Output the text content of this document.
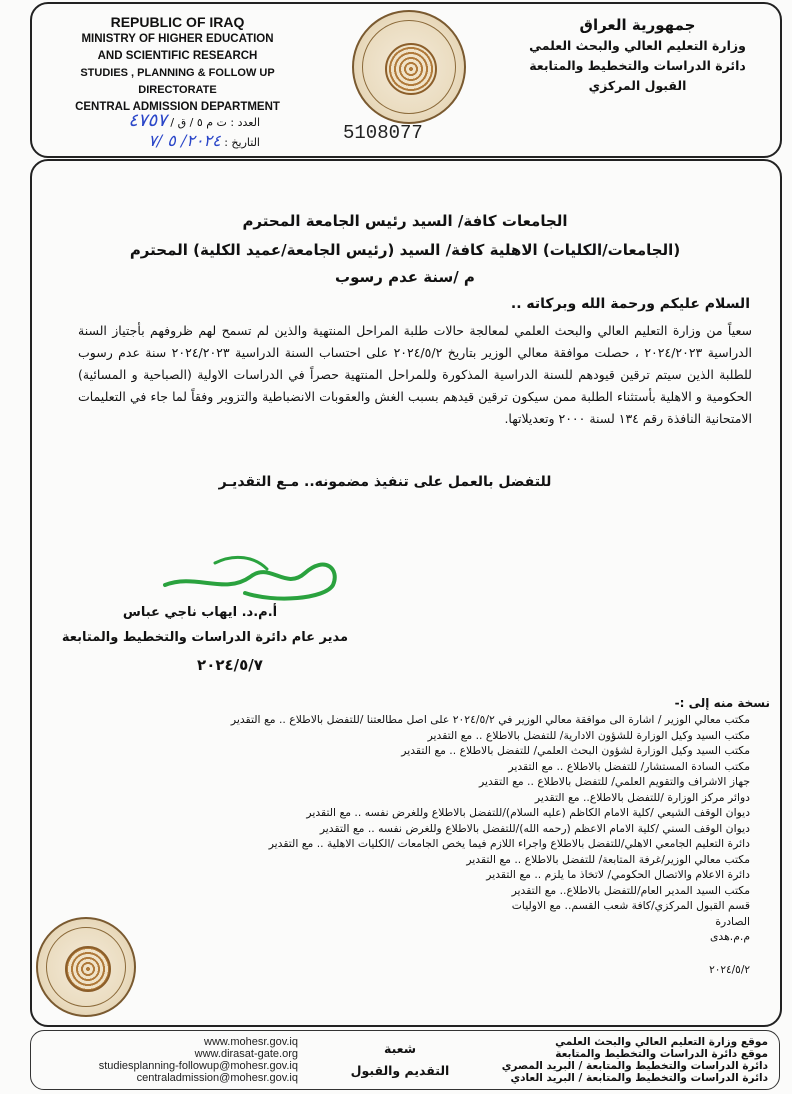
REPUBLIC OF IRAQ
MINISTRY OF HIGHER EDUCATION
AND SCIENTIFIC RESEARCH
STUDIES , PLANNING & FOLLOW UP DIRECTORATE
CENTRAL ADMISSION DEPARTMENT
جمهورية العراق
وزارة التعليم العالي والبحث العلمي
دائرة الدراسات والتخطيط والمتابعة
القبول المركزي
العدد : ت م ٥ / ق / ٤٧٥٧
التاريخ : ٢٠٢٤/ ٥ /٧	5108077
الجامعات كافة/ السيد رئيس الجامعة المحترم
(الجامعات/الكليات) الاهلية كافة/ السيد (رئيس الجامعة/عميد الكلية) المحترم
م /سنة عدم رسوب
السلام عليكم ورحمة الله وبركاته ..
سعياً من وزارة التعليم العالي والبحث العلمي لمعالجة حالات طلبة المراحل المنتهية والذين لم تسمح لهم ظروفهم بأجتياز السنة الدراسية ٢٠٢٤/٢٠٢٣ ، حصلت موافقة معالي الوزير بتاريخ ٢٠٢٤/٥/٢ على احتساب السنة الدراسية ٢٠٢٤/٢٠٢٣ سنة عدم رسوب للطلبة الذين سيتم ترقين قيودهم للسنة الدراسية المذكورة وللمراحل المنتهية حصراً في الدراسات الاولية (الصباحية و المسائية) الحكومية و الاهلية بأستثناء الطلبة ممن سيكون ترقين قيدهم بسبب الغش والعقوبات الانضباطية والتزوير وفقاً لما جاء في التعليمات الامتحانية النافذة رقم ١٣٤ لسنة ٢٠٠٠ وتعديلاتها.
للتفضل بالعمل على تنفيذ مضمونه.. مـع التقديـر
أ.م.د. ايهاب ناجي عباس
مدير عام دائرة الدراسات والتخطيط والمتابعة
٢٠٢٤/٥/٧
نسخة منه إلى :-
مكتب معالي الوزير / اشارة الى موافقة معالي الوزير في ٢٠٢٤/٥/٢ على اصل مطالعتنا /للتفضل بالاطلاع .. مع التقدير
مكتب السيد وكيل الوزارة للشؤون الادارية/ للتفضل بالاطلاع .. مع التقدير
مكتب السيد وكيل الوزارة لشؤون البحث العلمي/ للتفضل بالاطلاع .. مع التقدير
مكتب السادة المستشار/ للتفضل بالاطلاع .. مع التقدير
جهاز الاشراف والتقويم العلمي/ للتفضل بالاطلاع .. مع التقدير
دوائر مركز الوزارة /للتفضل بالاطلاع.. مع التقدير
ديوان الوقف الشيعي /كلية الامام الكاظم (عليه السلام)/للتفضل بالاطلاع وللغرض نفسه .. مع التقدير
ديوان الوقف السني /كلية الامام الاعظم (رحمه الله)/للتفضل بالاطلاع وللغرض نفسه .. مع التقدير
دائرة التعليم الجامعي الاهلي/للتفضل بالاطلاع واجراء اللازم فيما يخص الجامعات /الكليات الاهلية .. مع التقدير
مكتب معالي الوزير/غرفة المتابعة/ للتفضل بالاطلاع .. مع التقدير
دائرة الاعلام والاتصال الحكومي/ لاتخاذ ما يلزم .. مع التقدير
مكتب السيد المدير العام/للتفضل بالاطلاع.. مع التقدير
قسم القبول المركزي/كافة شعب القسم.. مع الاوليات
الصادرة
م.م.هدى
٢٠٢٤/٥/٢
www.mohesr.gov.iq
www.dirasat-gate.org
studiesplanning-followup@mohesr.gov.iq
centraladmission@mohesr.gov.iq
شعبة
التقديم والقبول
موقع وزارة التعليم العالي والبحث العلمي
موقع دائرة الدراسات والتخطيط والمتابعة
دائرة الدراسات والتخطيط والمتابعة / البريد المصري
دائرة الدراسات والتخطيط والمتابعة / البريد العادي
